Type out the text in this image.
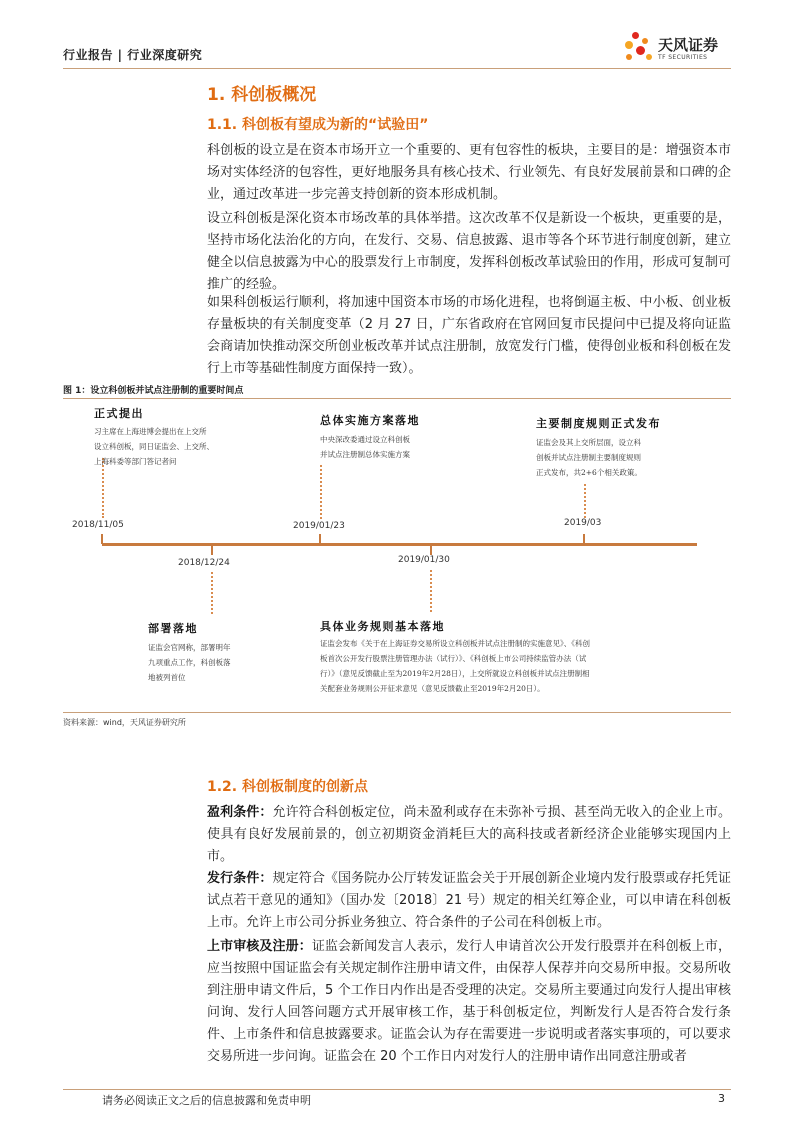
行业报告 | 行业深度研究
天风证券
TF SECURITIES
1. 科创板概况
1.1. 科创板有望成为新的“试验田”
科创板的设立是在资本市场开立一个重要的、更有包容性的板块，主要目的是：增强资本市场对实体经济的包容性，更好地服务具有核心技术、行业领先、有良好发展前景和口碑的企业，通过改革进一步完善支持创新的资本形成机制。
设立科创板是深化资本市场改革的具体举措。这次改革不仅是新设一个板块，更重要的是，坚持市场化法治化的方向，在发行、交易、信息披露、退市等各个环节进行制度创新，建立健全以信息披露为中心的股票发行上市制度，发挥科创板改革试验田的作用，形成可复制可推广的经验。
如果科创板运行顺利，将加速中国资本市场的市场化进程，也将倒逼主板、中小板、创业板存量板块的有关制度变革（2 月 27 日，广东省政府在官网回复市民提问中已提及将向证监会商请加快推动深交所创业板改革并试点注册制，放宽发行门槛，使得创业板和科创板在发行上市等基础性制度方面保持一致）。
图 1：设立科创板并试点注册制的重要时间点
2018/11/05
正式提出
习主席在上海进博会提出在上交所
设立科创板，同日证监会、上交所、
上海科委等部门答记者问
2018/12/24
部署落地
证监会官网称，部署明年
九项重点工作，科创板落
地被列首位
2019/01/23
总体实施方案落地
中央深改委通过设立科创板
并试点注册制总体实施方案
2019/01/30
具体业务规则基本落地
证监会发布《关于在上海证券交易所设立科创板并试点注册制的实施意见》、《科创
板首次公开发行股票注册管理办法（试行）》、《科创板上市公司持续监管办法（试
行）》（意见反馈截止至为2019年2月28日），上交所就设立科创板并试点注册制相
关配套业务规则公开征求意见（意见反馈截止至2019年2月20日）。
2019/03
主要制度规则正式发布
证监会及其上交所层面，设立科
创板并试点注册制主要制度规则
正式发布，共2+6个相关政策。
资料来源：wind，天风证券研究所
1.2. 科创板制度的创新点
盈利条件：允许符合科创板定位，尚未盈利或存在未弥补亏损、甚至尚无收入的企业上市。使具有良好发展前景的，创立初期资金消耗巨大的高科技或者新经济企业能够实现国内上市。
发行条件：规定符合《国务院办公厅转发证监会关于开展创新企业境内发行股票或存托凭证试点若干意见的通知》（国办发〔2018〕21 号）规定的相关红筹企业，可以申请在科创板上市。允许上市公司分拆业务独立、符合条件的子公司在科创板上市。
上市审核及注册：证监会新闻发言人表示，发行人申请首次公开发行股票并在科创板上市，应当按照中国证监会有关规定制作注册申请文件，由保荐人保荐并向交易所申报。交易所收到注册申请文件后，5 个工作日内作出是否受理的决定。交易所主要通过向发行人提出审核问询、发行人回答问题方式开展审核工作，基于科创板定位，判断发行人是否符合发行条件、上市条件和信息披露要求。证监会认为存在需要进一步说明或者落实事项的，可以要求交易所进一步问询。证监会在 20 个工作日内对发行人的注册申请作出同意注册或者
请务必阅读正文之后的信息披露和免责申明	3
